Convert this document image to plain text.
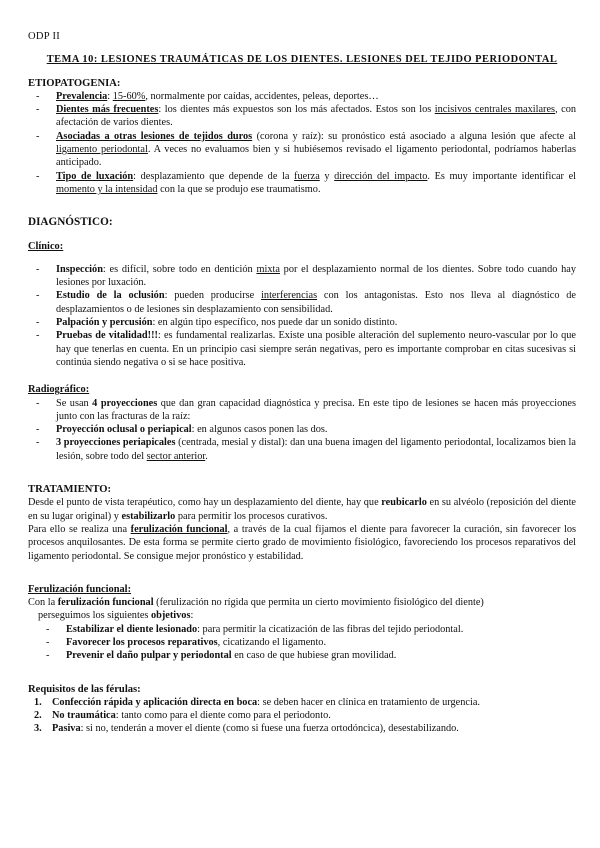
ODP II
TEMA 10: LESIONES TRAUMÁTICAS DE LOS DIENTES. LESIONES DEL TEJIDO PERIODONTAL
ETIOPATOGENIA:
- Prevalencia: 15-60%, normalmente por caídas, accidentes, peleas, deportes…
- Dientes más frecuentes: los dientes más expuestos son los más afectados. Estos son los incisivos centrales maxilares, con afectación de varios dientes.
- Asociadas a otras lesiones de tejidos duros (corona y raíz): su pronóstico está asociado a alguna lesión que afecte al ligamento periodontal. A veces no evaluamos bien y si hubiésemos revisado el ligamento periodontal, podríamos haberlas anticipado.
- Tipo de luxación: desplazamiento que depende de la fuerza y dirección del impacto. Es muy importante identificar el momento y la intensidad con la que se produjo ese traumatismo.
DIAGNÓSTICO:
Clínico:
- Inspección: es difícil, sobre todo en dentición mixta por el desplazamiento normal de los dientes. Sobre todo cuando hay lesiones por luxación.
- Estudio de la oclusión: pueden producirse interferencias con los antagonistas. Esto nos lleva al diagnóstico de desplazamientos o de lesiones sin desplazamiento con sensibilidad.
- Palpación y percusión: en algún tipo específico, nos puede dar un sonido distinto.
- Pruebas de vitalidad!!!: es fundamental realizarlas. Existe una posible alteración del suplemento neuro-vascular por lo que hay que tenerlas en cuenta. En un principio casi siempre serán negativas, pero es importante comprobar en citas sucesivas si continúa siendo negativa o si se hace positiva.
Radiográfico:
- Se usan 4 proyecciones que dan gran capacidad diagnóstica y precisa. En este tipo de lesiones se hacen más proyecciones junto con las fracturas de la raíz:
- Proyección oclusal o periapical: en algunos casos ponen las dos.
- 3 proyecciones periapicales (centrada, mesial y distal): dan una buena imagen del ligamento periodontal, localizamos bien la lesión, sobre todo del sector anterior.
TRATAMIENTO:

Desde el punto de vista terapéutico, como hay un desplazamiento del diente, hay que reubicarlo en su alvéolo (reposición del diente en su lugar original) y estabilizarlo para permitir los procesos curativos.

Para ello se realiza una ferulización funcional, a través de la cual fijamos el diente para favorecer la curación, sin favorecer los procesos anquilosantes. De esta forma se permite cierto grado de movimiento fisiológico, favoreciendo los procesos reparativos del ligamento periodontal. Se consigue mejor pronóstico y estabilidad.

Ferulización funcional:

Con la ferulización funcional (ferulización no rígida que permita un cierto movimiento fisiológico del diente)

perseguimos los siguientes objetivos:

- Estabilizar el diente lesionado: para permitir la cicatización de las fibras del tejido periodontal.
- Favorecer los procesos reparativos, cicatizando el ligamento.
- Prevenir el daño pulpar y periodontal en caso de que hubiese gran movilidad.
Requisitos de las férulas:
1. Confección rápida y aplicación directa en boca: se deben hacer en clínica en tratamiento de urgencia.
2. No traumática: tanto como para el diente como para el periodonto.
3. Pasiva: si no, tenderán a mover el diente (como si fuese una fuerza ortodóncica), desestabilizando.
